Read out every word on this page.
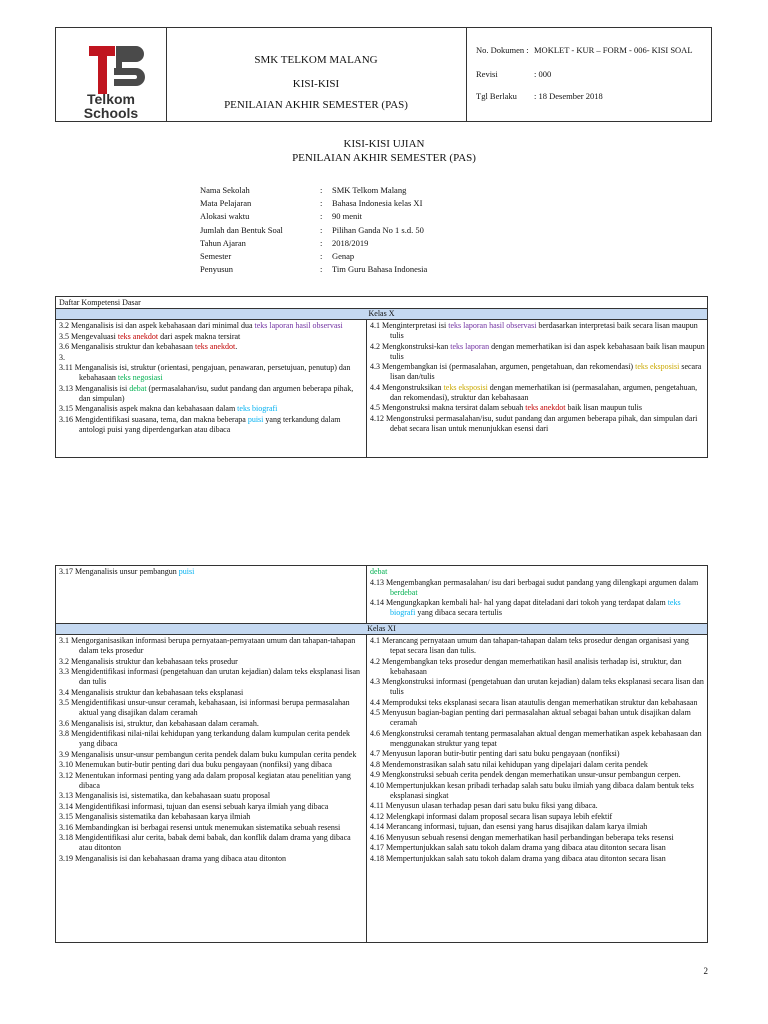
Telkom
Schools
SMK TELKOM MALANG
KISI-KISI
PENILAIAN AKHIR SEMESTER (PAS)
No. Dokumen : MOKLET - KUR – FORM - 006- KISI SOAL
Revisi	: 000
Tgl Berlaku : 18 Desember 2018
KISI-KISI UJIAN
PENILAIAN AKHIR SEMESTER (PAS)
Nama Sekolah	: SMK Telkom Malang
Mata Pelajaran	: Bahasa Indonesia kelas XI
Alokasi waktu	: 90 menit
Jumlah dan Bentuk Soal	: Pilihan Ganda No 1 s.d. 50
Tahun Ajaran	: 2018/2019
Semester	: Genap
Penyusun	: Tim Guru Bahasa Indonesia
Daftar Kompetensi Dasar
Kelas X
3.2 Menganalisis isi dan aspek kebahasaan dari minimal dua teks laporan hasil observasi
3.5 Mengevaluasi teks anekdot dari aspek makna tersirat
3.6 Menganalisis struktur dan kebahasaan teks anekdot.
3.
3.11 Menganalisis isi, struktur (orientasi, pengajuan, penawaran, persetujuan, penutup) dan kebahasaan teks negosiasi
3.13 Menganalisis isi debat (permasalahan/isu, sudut pandang dan argumen beberapa pihak, dan simpulan)
3.15 Menganalisis aspek makna dan kebahasaan dalam teks biografi
3.16 Mengidentifikasi suasana, tema, dan makna beberapa puisi yang terkandung dalam antologi puisi yang diperdengarkan atau dibaca
4.1 Menginterpretasi isi teks laporan hasil observasi berdasarkan interpretasi baik secara lisan maupun tulis
4.2 Mengkonstruksi-kan teks laporan dengan memerhatikan isi dan aspek kebahasaan baik lisan maupun tulis
4.3 Mengembangkan isi (permasalahan, argumen, pengetahuan, dan rekomendasi) teks eksposisi secara lisan dan/tulis
4.4 Mengonstruksikan teks eksposisi dengan memerhatikan isi (permasalahan, argumen, pengetahuan, dan rekomendasi), struktur dan kebahasaan
4.5 Mengonstruksi makna tersirat dalam sebuah teks anekdot baik lisan maupun tulis
4.12 Mengonstruksi permasalahan/isu, sudut pandang dan argumen beberapa pihak, dan simpulan dari debat secara lisan untuk menunjukkan esensi dari
3.17 Menganalisis unsur pembangun puisi	debat
4.13 Mengembangkan permasalahan/ isu dari berbagai sudut pandang yang dilengkapi argumen dalam berdebat
4.14 Mengungkapkan kembali hal- hal yang dapat diteladani dari tokoh yang terdapat dalam teks biografi yang dibaca secara tertulis
Kelas XI
3.1 Mengorganisasikan informasi berupa pernyataan-pernyataan umum dan tahapan-tahapan dalam teks prosedur
3.2 Menganalisis struktur dan kebahasaan teks prosedur
3.3 Mengidentifikasi informasi (pengetahuan dan urutan kejadian) dalam teks eksplanasi lisan dan tulis
3.4 Menganalisis struktur dan kebahasaan teks eksplanasi
3.5 Mengidentifikasi unsur-unsur ceramah, kebahasaan, isi informasi berupa permasalahan aktual yang disajikan dalam ceramah
3.6 Menganalisis isi, struktur, dan kebahasaan dalam ceramah.
3.8 Mengidentifikasi nilai-nilai kehidupan yang terkandung dalam kumpulan cerita pendek yang dibaca
3.9 Menganalisis unsur-unsur pembangun cerita pendek dalam buku kumpulan cerita pendek
3.10 Menemukan butir-butir penting dari dua buku pengayaan (nonfiksi) yang dibaca
3.12 Menentukan informasi penting yang ada dalam proposal kegiatan atau penelitian yang dibaca
3.13 Menganalisis isi, sistematika, dan kebahasaan suatu proposal
3.14 Mengidentifikasi informasi, tujuan dan esensi sebuah karya ilmiah yang dibaca
3.15 Menganalisis sistematika dan kebahasaan karya ilmiah
3.16 Membandingkan isi berbagai resensi untuk menemukan sistematika sebuah resensi
3.18 Mengidentifikasi alur cerita, babak demi babak, dan konflik dalam drama yang dibaca atau ditonton
3.19 Menganalisis isi dan kebahasaan drama yang dibaca atau ditonton
4.1 Merancang pernyataan umum dan tahapan-tahapan dalam teks prosedur dengan organisasi yang tepat secara lisan dan tulis.
4.2 Mengembangkan teks prosedur dengan memerhatikan hasil analisis terhadap isi, struktur, dan kebahasaan
4.3 Mengkonstruksi informasi (pengetahuan dan urutan kejadian) dalam teks eksplanasi secara lisan dan tulis
4.4 Memproduksi teks eksplanasi secara lisan atautulis dengan memerhatikan struktur dan kebahasaan
4.5 Menyusun bagian-bagian penting dari permasalahan aktual sebagai bahan untuk disajikan dalam ceramah
4.6 Mengkonstruksi ceramah tentang permasalahan aktual dengan memerhatikan aspek kebahasaan dan menggunakan struktur yang tepat
4.7 Menyusun laporan butir-butir penting dari satu buku pengayaan (nonfiksi)
4.8 Mendemonstrasikan salah satu nilai kehidupan yang dipelajari dalam cerita pendek
4.9 Mengkonstruksi sebuah cerita pendek dengan memerhatikan unsur-unsur pembangun cerpen.
4.10 Mempertunjukkan kesan pribadi terhadap salah satu buku ilmiah yang dibaca dalam bentuk teks eksplanasi singkat
4.11 Menyusun ulasan terhadap pesan dari satu buku fiksi yang dibaca.
4.12 Melengkapi informasi dalam proposal secara lisan supaya lebih efektif
4.14 Merancang informasi, tujuan, dan esensi yang harus disajikan dalam karya ilmiah
4.16 Menyusun sebuah resensi dengan memerhatikan hasil perbandingan beberapa teks resensi
4.17 Mempertunjukkan salah satu tokoh dalam drama yang dibaca atau ditonton secara lisan
4.18 Mempertunjukkan salah satu tokoh dalam drama yang dibaca atau ditonton secara lisan
2
